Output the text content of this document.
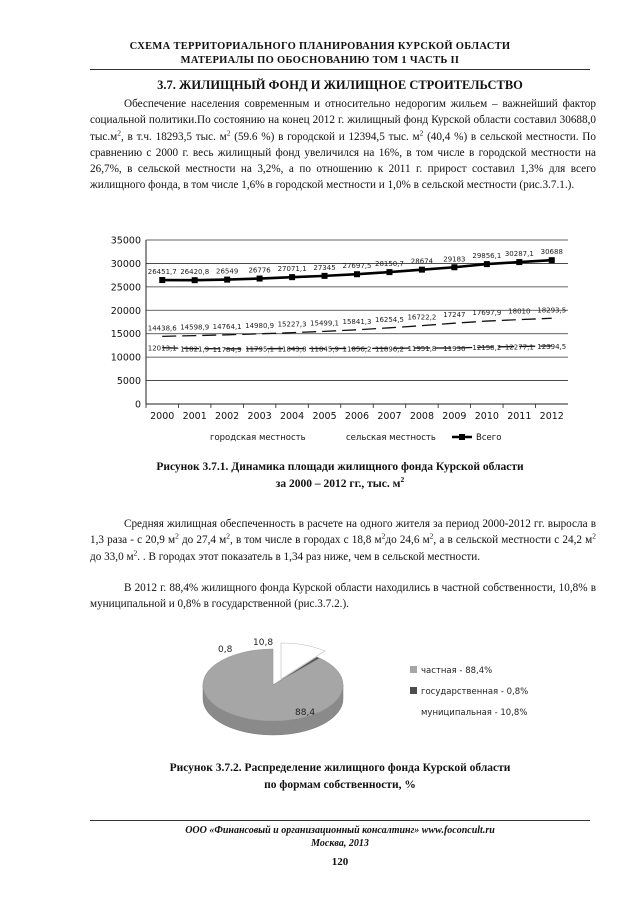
СХЕМА ТЕРРИТОРИАЛЬНОГО ПЛАНИРОВАНИЯ КУРСКОЙ ОБЛАСТИ
МАТЕРИАЛЫ ПО ОБОСНОВАНИЮ ТОМ 1 ЧАСТЬ II
3.7. ЖИЛИЩНЫЙ ФОНД И ЖИЛИЩНОЕ СТРОИТЕЛЬСТВО
Обеспечение населения современным и относительно недорогим жильем – важнейший фактор социальной политики.По состоянию на конец 2012 г. жилищный фонд Курской области составил 30688,0 $тыс.м^2$, в т.ч. 18293,5 тыс. $м^2$ (59.6 %) в городской и 12394,5 тыс. $м^2$ (40,4 %) в сельской местности. По сравнению с 2000 г. весь жилищный фонд увеличился на 16%, в том числе в городской местности на 26,7%, в сельской местности на 3,2%, а по отношению к 2011 г. прирост составил 1,3% для всего жилищного фонда, в том числе 1,6% в городской местности и 1,0% в сельской местности (рис.3.7.1.).
0
5000
10000
15000
20000
25000
30000
35000
2000 2001 2002 2003 2004 2005 2006 2007 2008 2009 2010 2011 2012
14438,6 14598,9 14764,1 14980,9 15227,3 15499,1 15841,3 16254,5 16722,2 17247 17697,9 18010 18293,5
12013,1 11821,9 11784,9 11795,1 11843,8 11845,9 11856,2 11896,2 11951,8 11936 12158,2 12277,1 12394,5
26451,7 26420,8 26549 26776 27071,1 27345 27697,5 28150,7 28674 29183 29856,1 30287,1 30688
городская местность	сельская местность	Всего
Рисунок 3.7.1. Динамика площади жилищного фонда Курской области
за 2000 – 2012 гг., тыс. $м^2$
Средняя жилищная обеспеченность в расчете на одного жителя за период 2000-2012 гг. выросла в 1,3 раза - с 20,9 $м^2$ до 27,4 $м^2$, в том числе в городах с 18,8 $м^2до$ 24,6 $м^2$, а в сельской местности с 24,2 $м^2$ до 33,0 $м^2$. . В городах этот показатель в 1,34 раз ниже, чем в сельской местности.
В 2012 г. 88,4% жилищного фонда Курской области находились в частной собственности, 10,8% в муниципальной и 0,8% в государственной (рис.3.7.2.).
88,4
0,8
10,8
частная - 88,4%
государственная - 0,8%
муниципальная - 10,8%
Рисунок 3.7.2. Распределение жилищного фонда Курской области
по формам собственности, %
ООО «Финансовый и организационный консалтинг» www.foconcult.ru
Москва, 2013
120
